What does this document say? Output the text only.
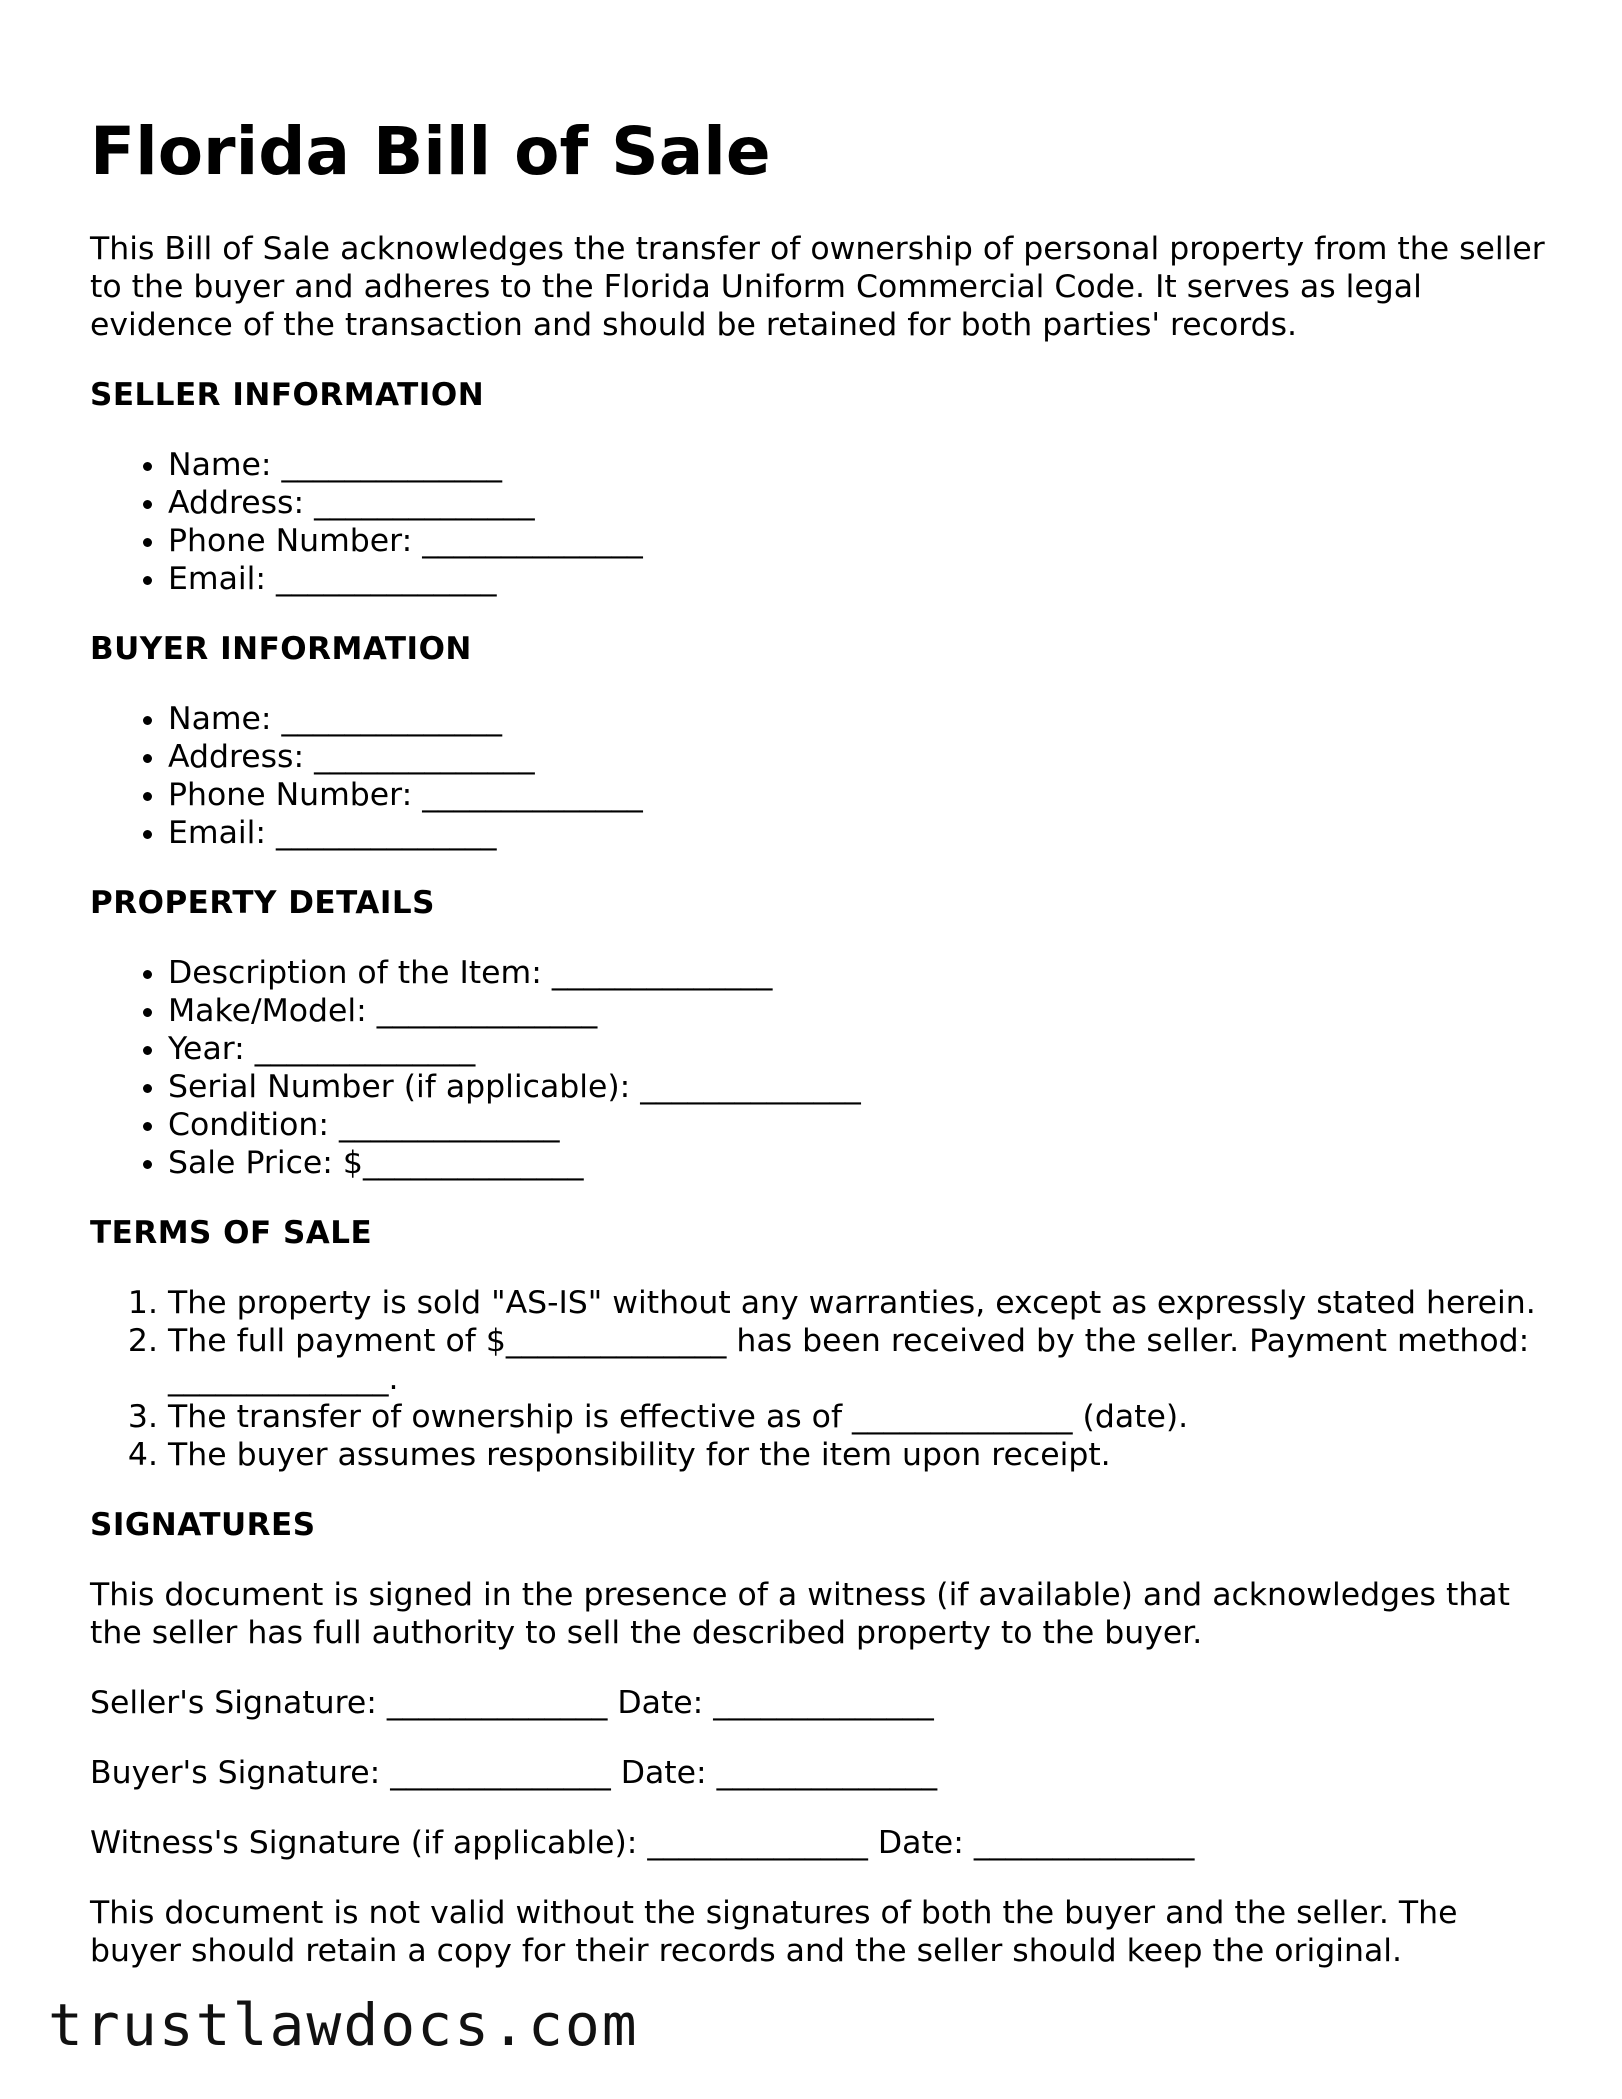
Florida Bill of Sale

This Bill of Sale acknowledges the transfer of ownership of personal property from the seller to the buyer and adheres to the Florida Uniform Commercial Code. It serves as legal evidence of the transaction and should be retained for both parties' records.

SELLER INFORMATION
• Name: ______________
• Address: ______________
• Phone Number: ______________
• Email: ______________
BUYER INFORMATION
• Name: ______________
• Address: ______________
• Phone Number: ______________
• Email: ______________
PROPERTY DETAILS
• Description of the Item: ______________
• Make/Model: ______________
• Year: ______________
• Serial Number (if applicable): ______________
• Condition: ______________
• Sale Price: $______________
TERMS OF SALE
1. The property is sold "AS-IS" without any warranties, except as expressly stated herein.
2. The full payment of $______________ has been received by the seller. Payment method: ______________.
3. The transfer of ownership is effective as of ______________ (date).
4. The buyer assumes responsibility for the item upon receipt.
SIGNATURES

This document is signed in the presence of a witness (if available) and acknowledges that the seller has full authority to sell the described property to the buyer.

Seller's Signature: ______________ Date: ______________

Buyer's Signature: ______________ Date: ______________

Witness's Signature (if applicable): ______________ Date: ______________

This document is not valid without the signatures of both the buyer and the seller. The buyer should retain a copy for their records and the seller should keep the original.

trustlawdocs.com
